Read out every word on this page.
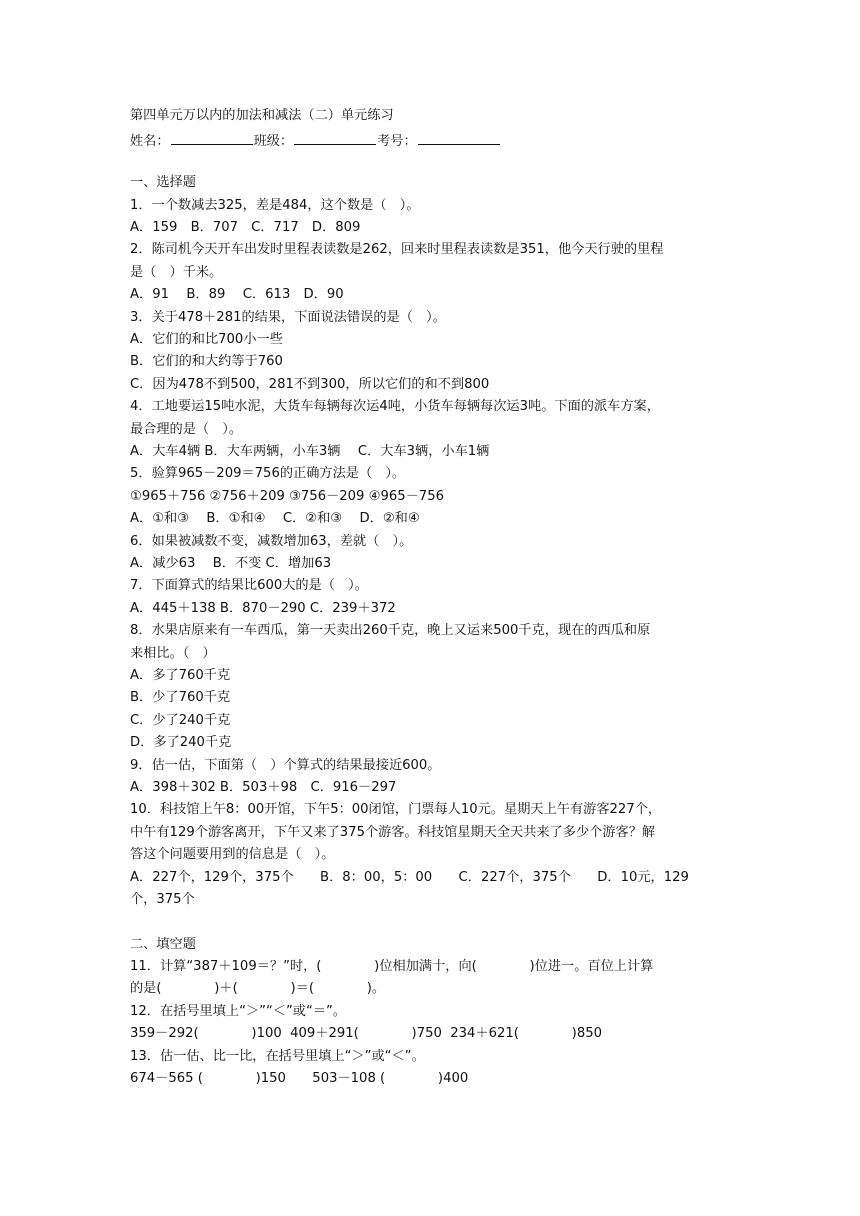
第四单元万以内的加法和减法（二）单元练习
姓名：	班级：	考号：
一、选择题
1．一个数减去325，差是484，这个数是（　）。
A．159　B．707　C．717　D．809
2．陈司机今天开车出发时里程表读数是262，回来时里程表读数是351，他今天行驶的里程
是（　）千米。
A．91　 B．89　 C．613　D．90
3．关于478＋281的结果，下面说法错误的是（　）。
A．它们的和比700小一些
B．它们的和大约等于760
C．因为478不到500，281不到300，所以它们的和不到800
4．工地要运15吨水泥，大货车每辆每次运4吨，小货车每辆每次运3吨。下面的派车方案，
最合理的是（　）。
A．大车4辆 B．大车两辆，小车3辆　 C．大车3辆，小车1辆
5．验算965－209＝756的正确方法是（　）。
①965＋756 ②756＋209 ③756－209 ④965－756
A．①和③　 B．①和④　 C．②和③　 D．②和④
6．如果被减数不变，减数增加63，差就（　）。
A．减少63　 B．不变 C．增加63
7．下面算式的结果比600大的是（　）。
A．445＋138 B．870－290 C．239＋372
8．水果店原来有一车西瓜，第一天卖出260千克，晚上又运来500千克，现在的西瓜和原
来相比。（　）
A．多了760千克
B．少了760千克
C．少了240千克
D．多了240千克
9．估一估，下面第（　）个算式的结果最接近600。
A．398＋302 B．503＋98　C．916－297
10．科技馆上午8：00开馆，下午5：00闭馆，门票每人10元。星期天上午有游客227个，
中午有129个游客离开，下午又来了375个游客。科技馆星期天全天共来了多少个游客？解
答这个问题要用到的信息是（　）。
A．227个，129个，375个　　B．8：00，5：00　　C．227个，375个　　D．10元，129
个，375个
二、填空题
11．计算“387＋109＝？”时，(　　　　)位相加满十，向(　　　　)位进一。百位上计算
的是(　　　　)＋(　　　　)＝(　　　　)。
12．在括号里填上“＞”“＜”或“＝”。
359－292(　　　　)100  409＋291(　　　　)750  234＋621(　　　　)850
13．估一估、比一比，在括号里填上“＞”或“＜”。
674－565 (　　　　)150　　503－108 (　　　　)400
